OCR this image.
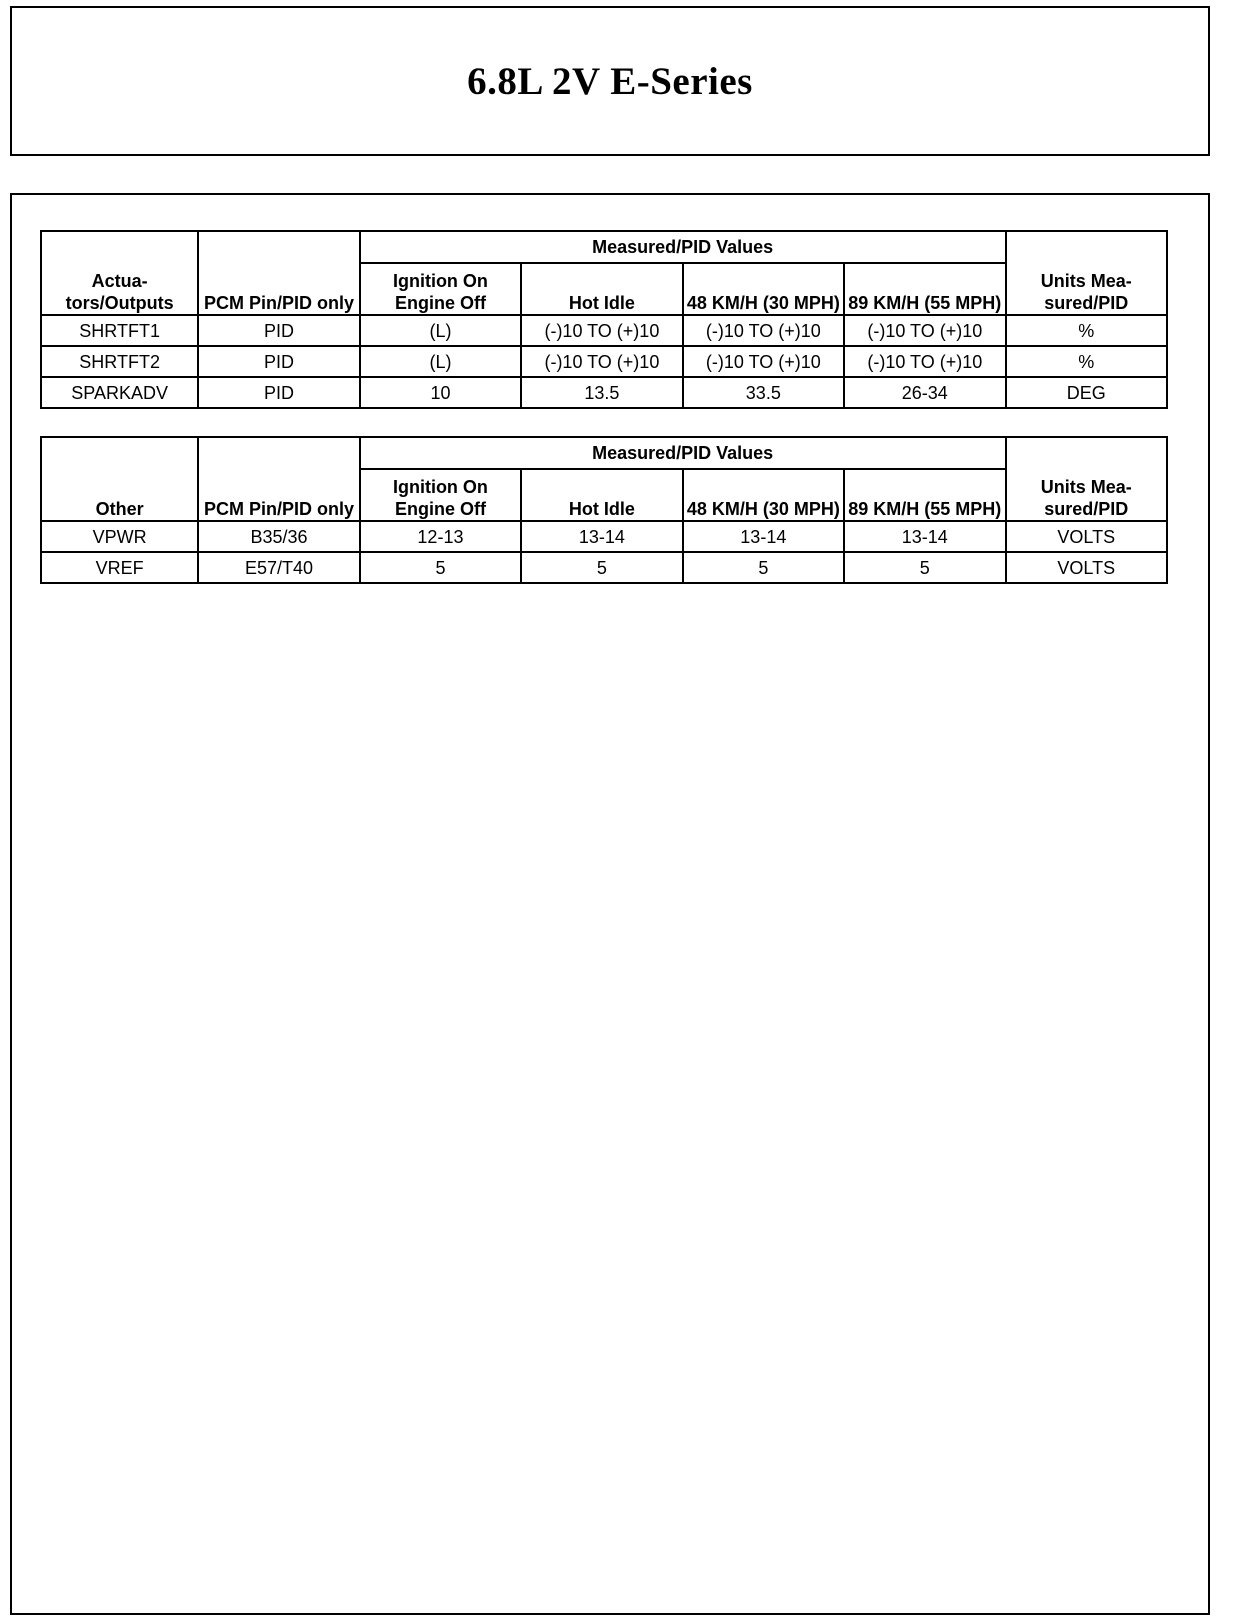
6.8L 2V E-Series
Actua- tors/Outputs	PCM Pin/PID only	Measured/PID Values				Units Mea- sured/PID
		Ignition On Engine Off	Hot Idle	48 KM/H (30 MPH)	89 KM/H (55 MPH)	
SHRTFT1	PID	(L)	(-)10 TO (+)10	(-)10 TO (+)10	(-)10 TO (+)10	%
SHRTFT2	PID	(L)	(-)10 TO (+)10	(-)10 TO (+)10	(-)10 TO (+)10	%
SPARKADV	PID	10	13.5	33.5	26-34	DEG
Other	PCM Pin/PID only	Measured/PID Values				Units Mea- sured/PID
		Ignition On Engine Off	Hot Idle	48 KM/H (30 MPH)	89 KM/H (55 MPH)	
VPWR	B35/36	12-13	13-14	13-14	13-14	VOLTS
VREF	E57/T40	5	5	5	5	VOLTS
